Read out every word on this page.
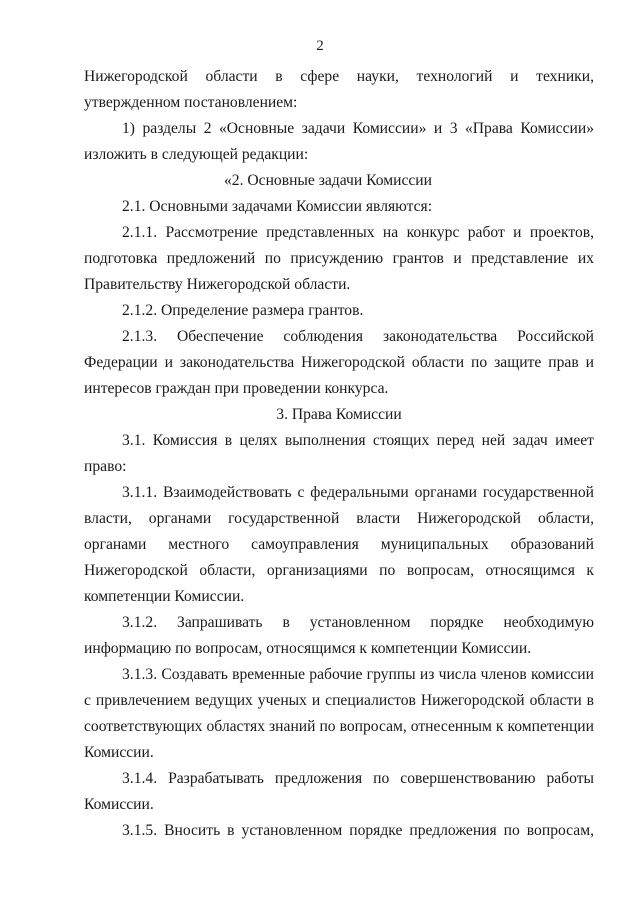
2

Нижегородской области в сфере науки, технологий и техники, утвержденном постановлением:

1) разделы 2 «Основные задачи Комиссии» и 3 «Права Комиссии» изложить в следующей редакции:

«2. Основные задачи Комиссии

2.1. Основными задачами Комиссии являются:

2.1.1. Рассмотрение представленных на конкурс работ и проектов, подготовка предложений по присуждению грантов и представление их Правительству Нижегородской области.

2.1.2. Определение размера грантов.

2.1.3. Обеспечение соблюдения законодательства Российской Федерации и законодательства Нижегородской области по защите прав и интересов граждан при проведении конкурса.

3. Права Комиссии

3.1. Комиссия в целях выполнения стоящих перед ней задач имеет право:

3.1.1. Взаимодействовать с федеральными органами государственной власти, органами государственной власти Нижегородской области, органами местного самоуправления муниципальных образований Нижегородской области, организациями по вопросам, относящимся к компетенции Комиссии.

3.1.2. Запрашивать в установленном порядке необходимую информацию по вопросам, относящимся к компетенции Комиссии.

3.1.3. Создавать временные рабочие группы из числа членов комиссии с привлечением ведущих ученых и специалистов Нижегородской области в соответствующих областях знаний по вопросам, отнесенным к компетенции Комиссии.

3.1.4. Разрабатывать предложения по совершенствованию работы Комиссии.

3.1.5. Вносить в установленном порядке предложения по вопросам,
